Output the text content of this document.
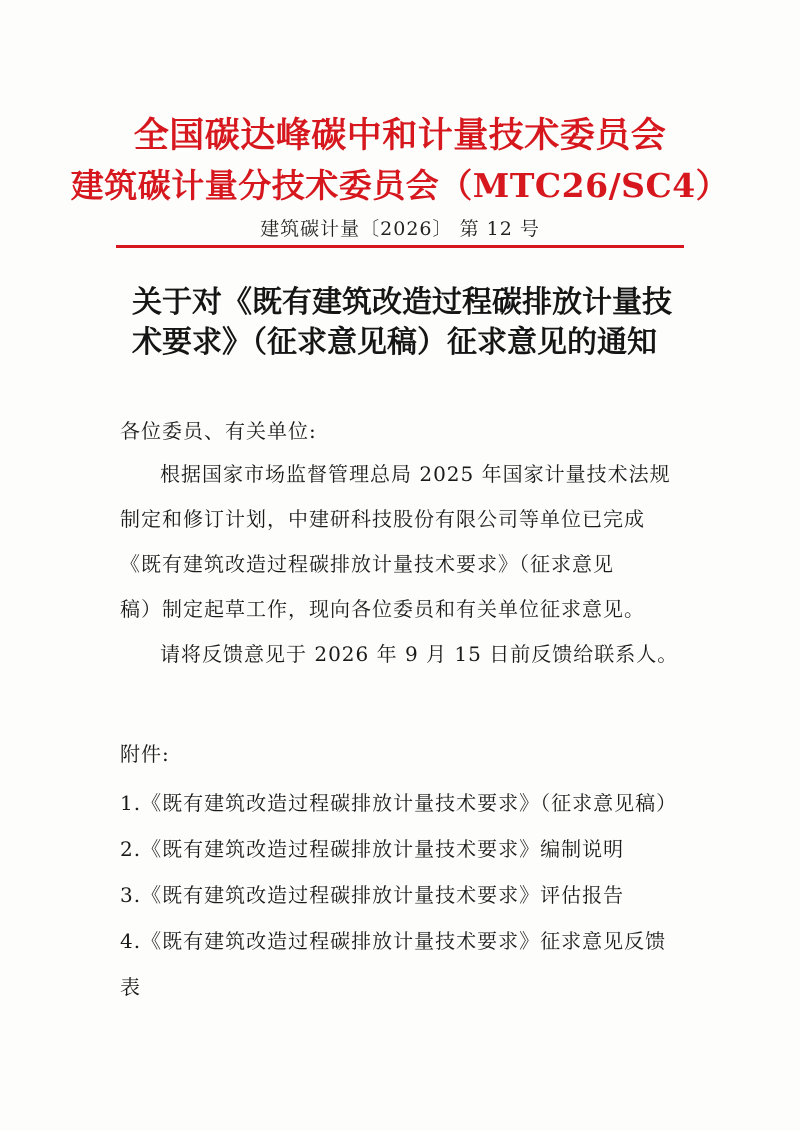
全国碳达峰碳中和计量技术委员会
建筑碳计量分技术委员会（MTC26/SC4）
建筑碳计量〔2026〕 第 12 号
关于对《既有建筑改造过程碳排放计量技
术要求》（征求意见稿）征求意见的通知
各位委员、有关单位:
根据国家市场监督管理总局 2025 年国家计量技术法规
制定和修订计划，中建研科技股份有限公司等单位已完成
《既有建筑改造过程碳排放计量技术要求》（征求意见
稿）制定起草工作，现向各位委员和有关单位征求意见。
请将反馈意见于 2026 年 9 月 15 日前反馈给联系人。
附件:
1.《既有建筑改造过程碳排放计量技术要求》（征求意见稿）
2.《既有建筑改造过程碳排放计量技术要求》编制说明
3.《既有建筑改造过程碳排放计量技术要求》评估报告
4.《既有建筑改造过程碳排放计量技术要求》征求意见反馈
表
